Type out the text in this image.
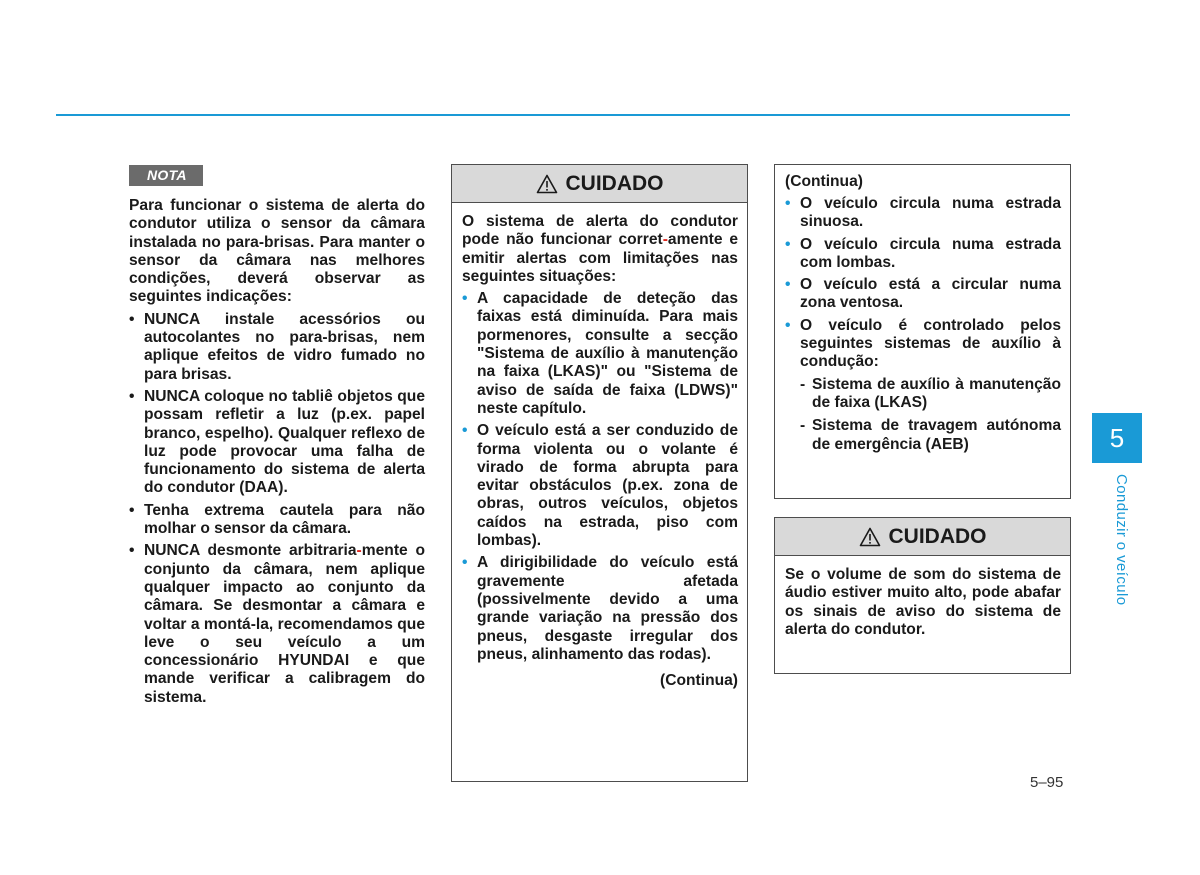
NOTA

Para funcionar o sistema de alerta do condutor utiliza o sensor da câmara instalada no para-brisas. Para manter o sensor da câmara nas melhores condições, deverá observar as seguintes indicações:

• NUNCA instale acessórios ou autocolantes no para-brisas, nem aplique efeitos de vidro fumado no para brisas.
• NUNCA coloque no tabliê objetos que possam refletir a luz (p.ex. papel branco, espelho). Qualquer reflexo de luz pode provocar uma falha de funcionamento do sistema de alerta do condutor (DAA).
• Tenha extrema cautela para não molhar o sensor da câmara.
• NUNCA desmonte arbitraria-mente o conjunto da câmara, nem aplique qualquer impacto ao conjunto da câmara. Se desmontar a câmara e voltar a montá-la, recomendamos que leve o seu veículo a um concessionário HYUNDAI e que mande verificar a calibragem do sistema.
CUIDADO

O sistema de alerta do condutor pode não funcionar corret-amente e emitir alertas com limitações nas seguintes situações:

• A capacidade de deteção das faixas está diminuída. Para mais pormenores, consulte a secção "Sistema de auxílio à manutenção na faixa (LKAS)" ou "Sistema de aviso de saída de faixa (LDWS)" neste capítulo.
• O veículo está a ser conduzido de forma violenta ou o volante é virado de forma abrupta para evitar obstáculos (p.ex. zona de obras, outros veículos, objetos caídos na estrada, piso com lombas).
• A dirigibilidade do veículo está gravemente afetada (possivelmente devido a uma grande variação na pressão dos pneus, desgaste irregular dos pneus, alinhamento das rodas).
(Continua)
(Continua)
• O veículo circula numa estrada sinuosa.
• O veículo circula numa estrada com lombas.
• O veículo está a circular numa zona ventosa.
• O veículo é controlado pelos seguintes sistemas de auxílio à condução:
- Sistema de auxílio à manutenção de faixa (LKAS)
- Sistema de travagem autónoma de emergência (AEB)
CUIDADO

Se o volume de som do sistema de áudio estiver muito alto, pode abafar os sinais de aviso do sistema de alerta do condutor.

5
Conduzir o veículo
5–95
